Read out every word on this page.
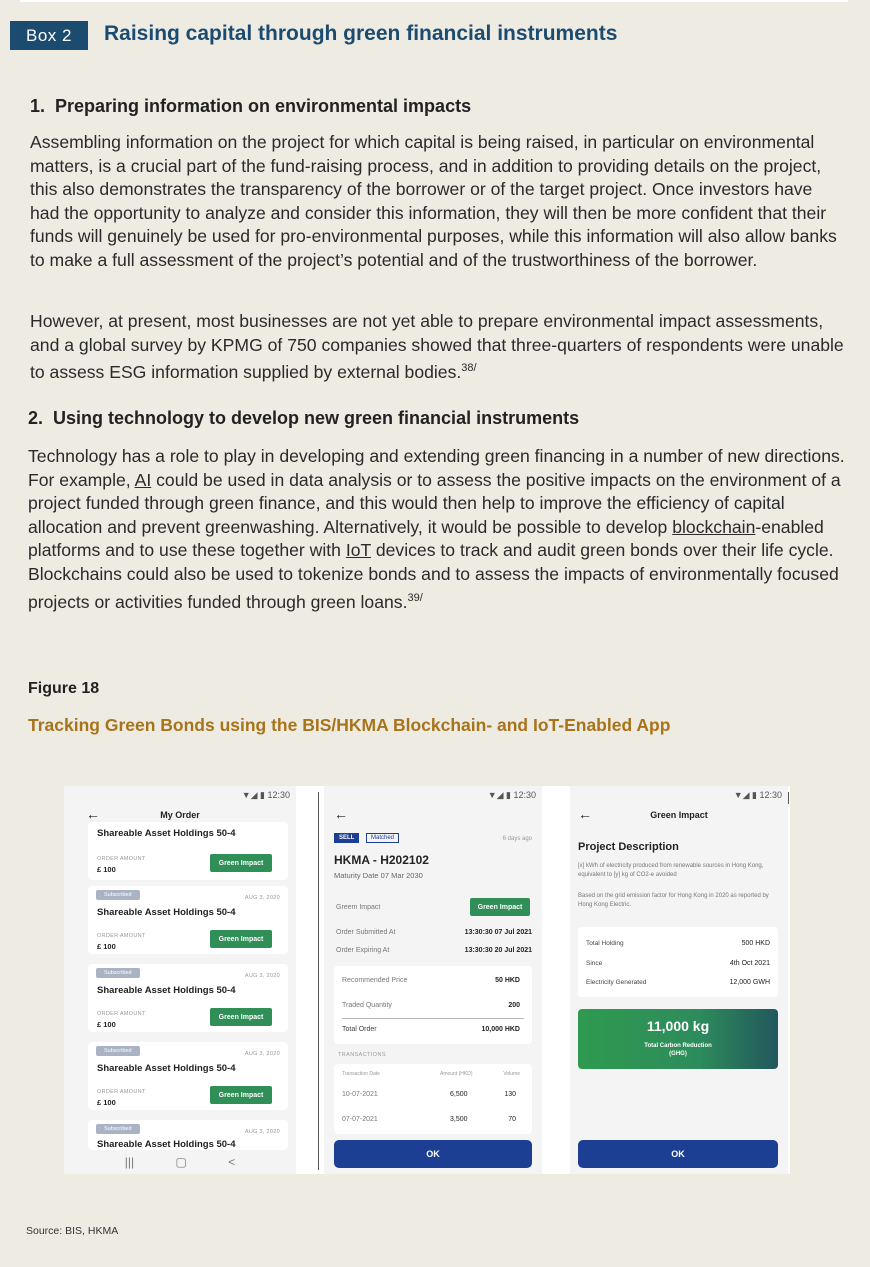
Box 2	Raising capital through green financial instruments
1.  Preparing information on environmental impacts

Assembling information on the project for which capital is being raised, in particular on environmental matters, is a crucial part of the fund-raising process, and in addition to providing details on the project, this also demonstrates the transparency of the borrower or of the target project. Once investors have had the opportunity to analyze and consider this information, they will then be more confident that their funds will genuinely be used for pro-environmental purposes, while this information will also allow banks to make a full assessment of the project’s potential and of the trustworthiness of the borrower.

However, at present, most businesses are not yet able to prepare environmental impact assessments, and a global survey by KPMG of 750 companies showed that three-quarters of respondents were unable to assess ESG information supplied by external bodies.$^{38/}$

2.  Using technology to develop new green financial instruments

Technology has a role to play in developing and extending green financing in a number of new directions. For example, AI could be used in data analysis or to assess the positive impacts on the environment of a project funded through green finance, and this would then help to improve the efficiency of capital allocation and prevent greenwashing. Alternatively, it would be possible to develop blockchain-enabled platforms and to use these together with IoT devices to track and audit green bonds over their life cycle. Blockchains could also be used to tokenize bonds and to assess the impacts of environmentally focused projects or activities funded through green loans.$^{39/}$

Figure 18
Tracking Green Bonds using the BIS/HKMA Blockchain- and IoT-Enabled App
▼◢ ▮ 12:30
←	My Order
Shareable Asset Holdings 50-4
ORDER AMOUNT
£ 100
Green Impact
Subscribed	AUG 3, 2020
Shareable Asset Holdings 50-4
ORDER AMOUNT
£ 100
Green Impact
Subscribed	AUG 3, 2020
Shareable Asset Holdings 50-4
ORDER AMOUNT
£ 100
Green Impact
Subscribed	AUG 3, 2020
Shareable Asset Holdings 50-4
ORDER AMOUNT
£ 100
Green Impact
Subscribed	AUG 3, 2020
Shareable Asset Holdings 50-4
|||	▢	<
▼◢ ▮ 12:30
←
SELL	Matched	6 days ago
HKMA - H202102
Maturity Date 07 Mar 2030
Greem Impact	Green Impact
Order Submitted At	13:30:30 07 Jul 2021
Order Expiring At	13:30:30 20 Jul 2021
Recommended Price	50 HKD
Traded Quantity	200
Total Order	10,000 HKD
TRANSACTIONS
Transaction Date	Amount (HKD)	Volume
10-07-2021	6,500	130
07-07-2021	3,500	70
OK
▼◢ ▮ 12:30
←	Green Impact
Project Description
[x] kWh of electricity produced from renewable sources in Hong Kong, equivalent to [y] kg of CO2-e avoided
Based on the grid emission factor for Hong Kong in 2020 as reported by Hong Kong Electric.
Total Holding	500 HKD
Since	4th Oct 2021
Electricity Generated	12,000 GWH
11,000 kg
Total Carbon Reduction (GHG)
OK
Source: BIS, HKMA
